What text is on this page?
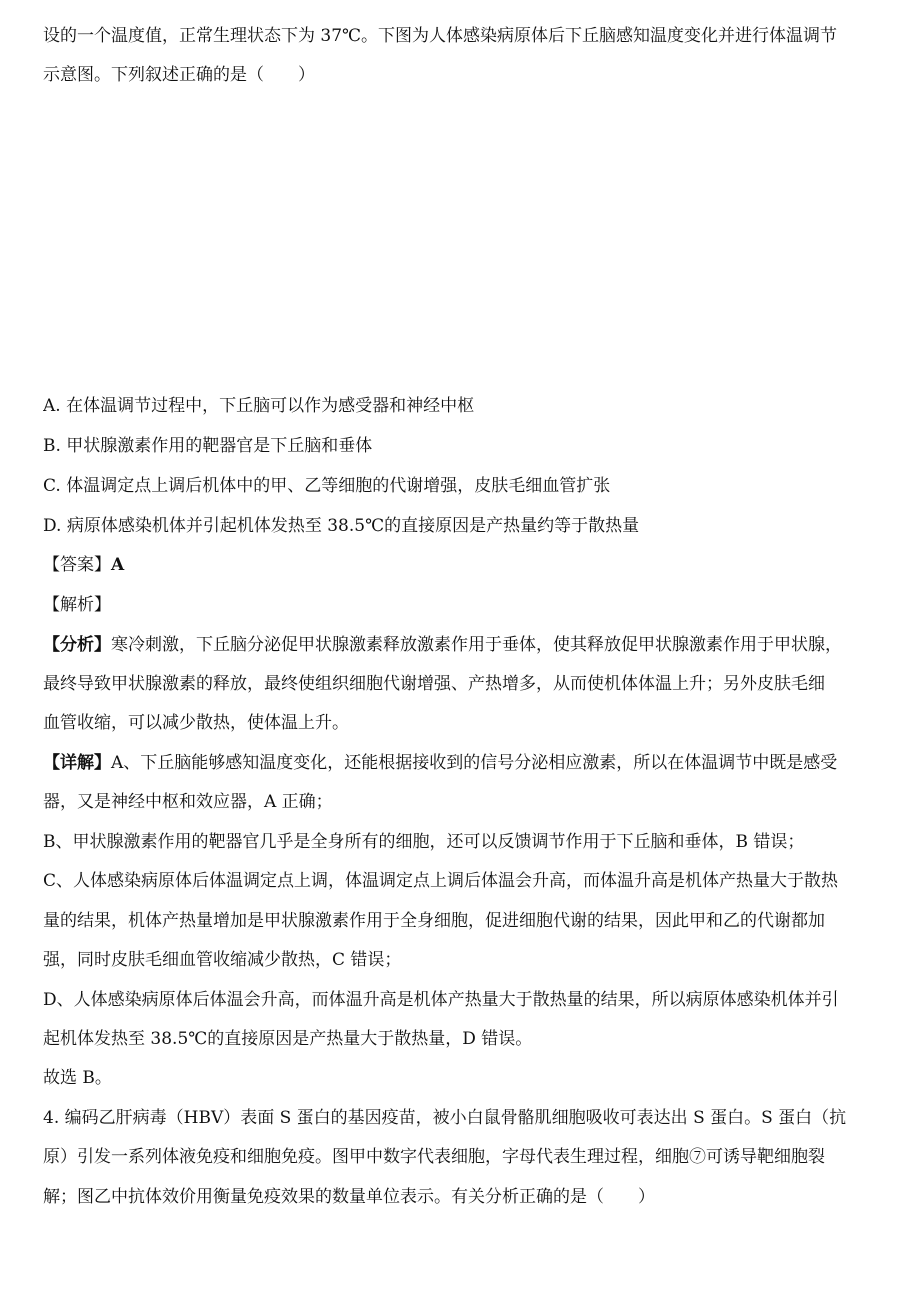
设的一个温度值，正常生理状态下为 37℃。下图为人体感染病原体后下丘脑感知温度变化并进行体温调节
示意图。下列叙述正确的是（　　）
A. 在体温调节过程中，下丘脑可以作为感受器和神经中枢
B. 甲状腺激素作用的靶器官是下丘脑和垂体
C. 体温调定点上调后机体中的甲、乙等细胞的代谢增强，皮肤毛细血管扩张
D. 病原体感染机体并引起机体发热至 38.5℃的直接原因是产热量约等于散热量
【答案】A
【解析】
【分析】寒冷刺激，下丘脑分泌促甲状腺激素释放激素作用于垂体，使其释放促甲状腺激素作用于甲状腺，
最终导致甲状腺激素的释放，最终使组织细胞代谢增强、产热增多，从而使机体体温上升；另外皮肤毛细
血管收缩，可以减少散热，使体温上升。
【详解】A、下丘脑能够感知温度变化，还能根据接收到的信号分泌相应激素，所以在体温调节中既是感受
器，又是神经中枢和效应器，A 正确；
B、甲状腺激素作用的靶器官几乎是全身所有的细胞，还可以反馈调节作用于下丘脑和垂体，B 错误；
C、人体感染病原体后体温调定点上调，体温调定点上调后体温会升高，而体温升高是机体产热量大于散热
量的结果，机体产热量增加是甲状腺激素作用于全身细胞，促进细胞代谢的结果，因此甲和乙的代谢都加
强，同时皮肤毛细血管收缩减少散热，C 错误；
D、人体感染病原体后体温会升高，而体温升高是机体产热量大于散热量的结果，所以病原体感染机体并引
起机体发热至 38.5℃的直接原因是产热量大于散热量，D 错误。
故选 B。
4. 编码乙肝病毒（HBV）表面 S 蛋白的基因疫苗，被小白鼠骨骼肌细胞吸收可表达出 S 蛋白。S 蛋白（抗
原）引发一系列体液免疫和细胞免疫。图甲中数字代表细胞，字母代表生理过程，细胞⑦可诱导靶细胞裂
解；图乙中抗体效价用衡量免疫效果的数量单位表示。有关分析正确的是（　　）
